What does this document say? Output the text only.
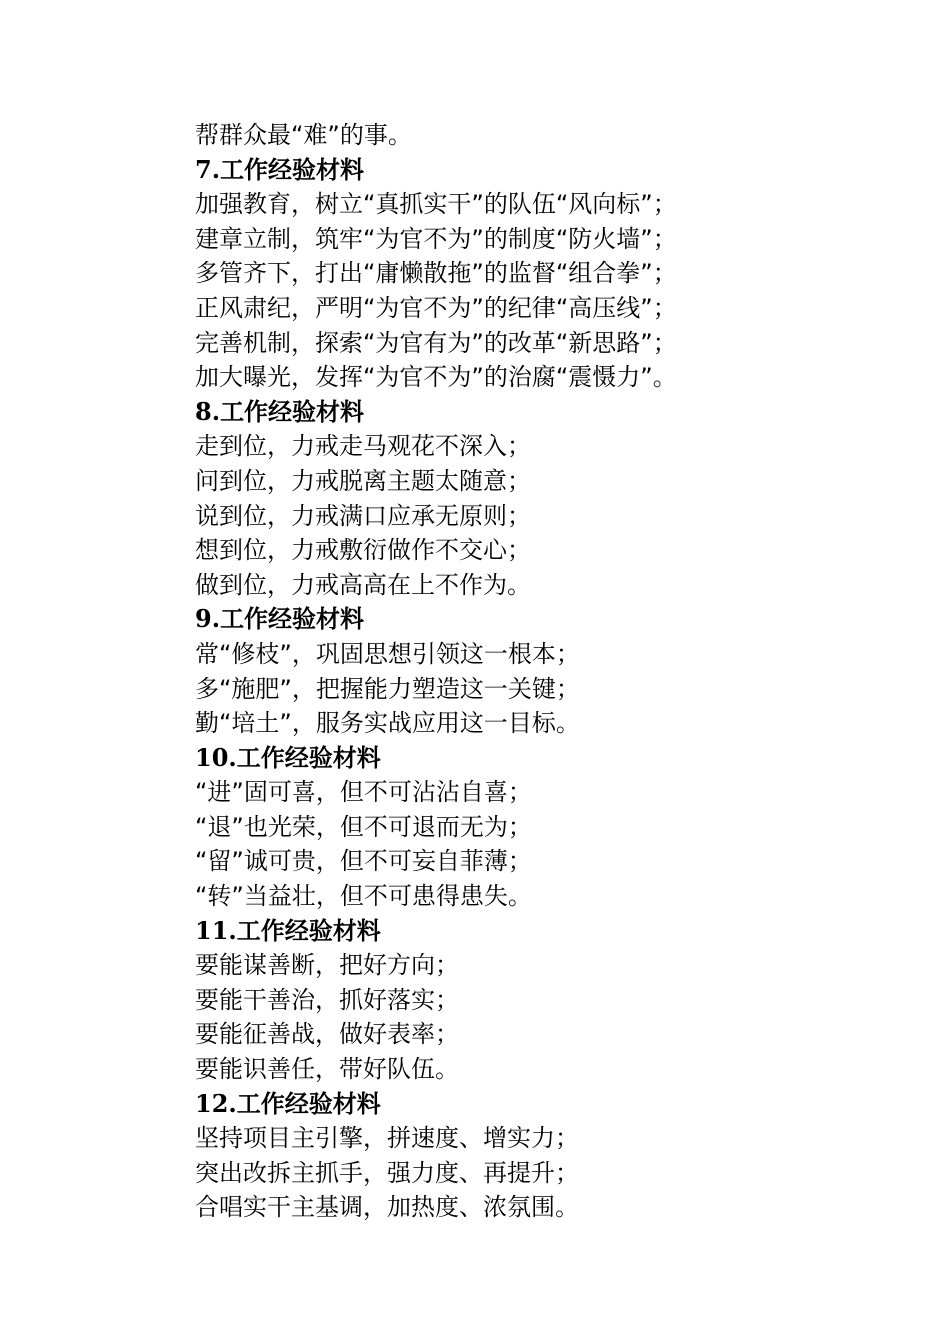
帮群众最“难”的事。
7.工作经验材料
加强教育，树立“真抓实干”的队伍“风向标”；
建章立制，筑牢“为官不为”的制度“防火墙”；
多管齐下，打出“庸懒散拖”的监督“组合拳”；
正风肃纪，严明“为官不为”的纪律“高压线”；
完善机制，探索“为官有为”的改革“新思路”；
加大曝光，发挥“为官不为”的治腐“震慑力”。
8.工作经验材料
走到位，力戒走马观花不深入；
问到位，力戒脱离主题太随意；
说到位，力戒满口应承无原则；
想到位，力戒敷衍做作不交心；
做到位，力戒高高在上不作为。
9.工作经验材料
常“修枝”，巩固思想引领这一根本；
多“施肥”，把握能力塑造这一关键；
勤“培土”，服务实战应用这一目标。
10.工作经验材料
“进”固可喜，但不可沾沾自喜；
“退”也光荣，但不可退而无为；
“留”诚可贵，但不可妄自菲薄；
“转”当益壮，但不可患得患失。
11.工作经验材料
要能谋善断，把好方向；
要能干善治，抓好落实；
要能征善战，做好表率；
要能识善任，带好队伍。
12.工作经验材料
坚持项目主引擎，拼速度、增实力；
突出改拆主抓手，强力度、再提升；
合唱实干主基调，加热度、浓氛围。
